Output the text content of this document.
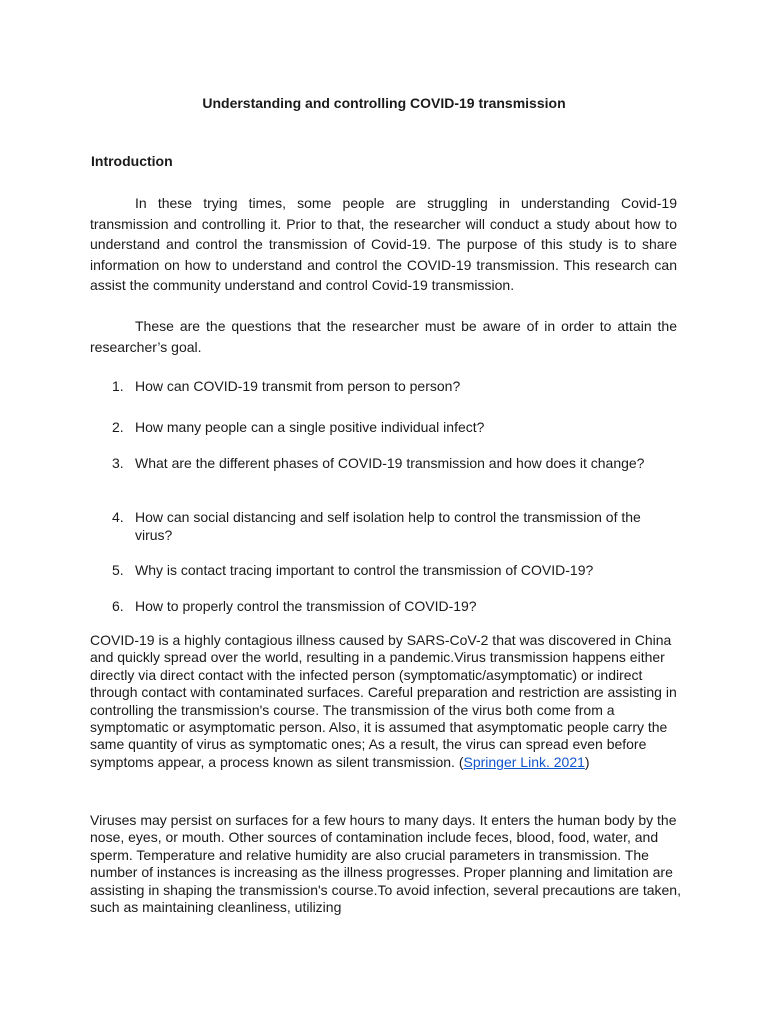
Understanding and controlling COVID-19 transmission
Introduction

In these trying times, some people are struggling in understanding Covid-19 transmission and controlling it. Prior to that, the researcher will conduct a study about how to understand and control the transmission of Covid-19. The purpose of this study is to share information on how to understand and control the COVID-19 transmission. This research can assist the community understand and control Covid-19 transmission.

These are the questions that the researcher must be aware of in order to attain the researcher’s goal.

1. How can COVID-19 transmit from person to person?
2. How many people can a single positive individual infect?
3. What are the different phases of COVID-19 transmission and how does it change?
4. How can social distancing and self isolation help to control the transmission of the virus?
5. Why is contact tracing important to control the transmission of COVID-19?
6. How to properly control the transmission of COVID-19?

COVID-19 is a highly contagious illness caused by SARS-CoV-2 that was discovered in China and quickly spread over the world, resulting in a pandemic.Virus transmission happens either directly via direct contact with the infected person (symptomatic/asymptomatic) or indirect through contact with contaminated surfaces. Careful preparation and restriction are assisting in controlling the transmission's course. The transmission of the virus both come from a symptomatic or asymptomatic person. Also, it is assumed that asymptomatic people carry the same quantity of virus as symptomatic ones; As a result, the virus can spread even before symptoms appear, a process known as silent transmission. (Springer Link. 2021)

Viruses may persist on surfaces for a few hours to many days. It enters the human body by the nose, eyes, or mouth. Other sources of contamination include feces, blood, food, water, and sperm. Temperature and relative humidity are also crucial parameters in transmission. The number of instances is increasing as the illness progresses. Proper planning and limitation are assisting in shaping the transmission's course.To avoid infection, several precautions are taken, such as maintaining cleanliness, utilizing
